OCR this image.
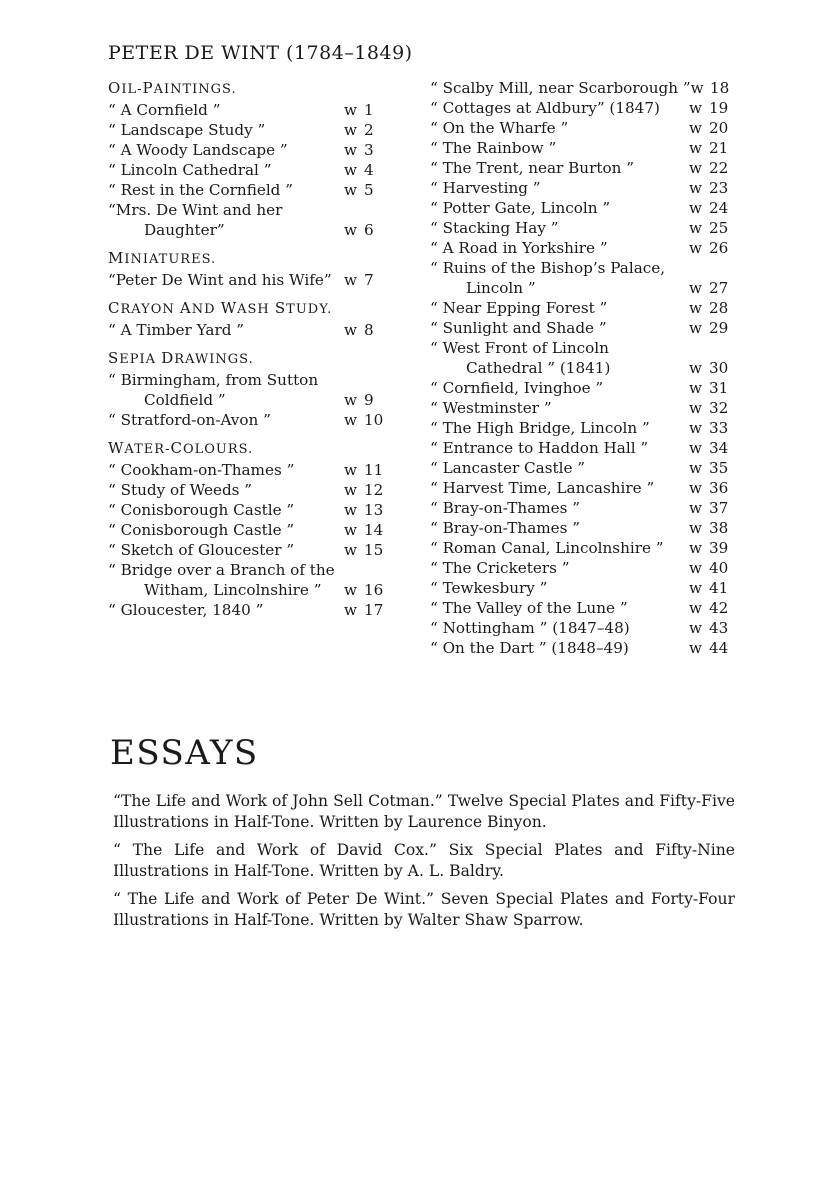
PETER DE WINT (1784–1849)
OIL-PAINTINGS.
“ A Cornfield ”	w 1
“ Landscape Study ”	w 2
“ A Woody Landscape ”	w 3
“ Lincoln Cathedral ”	w 4
“ Rest in the Cornfield ”	w 5
“Mrs. De Wint and her
Daughter”	w 6
MINIATURES.
“Peter De Wint and his Wife” w 7
CRAYON AND WASH STUDY.
“ A Timber Yard ”	w 8
SEPIA DRAWINGS.
“ Birmingham, from Sutton
Coldfield ”	w 9
“ Stratford-on-Avon ”	w 10
WATER-COLOURS.
“ Cookham-on-Thames ”	w 11
“ Study of Weeds ”	w 12
“ Conisborough Castle ”	w 13
“ Conisborough Castle ”	w 14
“ Sketch of Gloucester ”	w 15
“ Bridge over a Branch of the
Witham, Lincolnshire ”	w 16
“ Gloucester, 1840 ”	w 17
“ Scalby Mill, near Scarborough ” w 18
“ Cottages at Aldbury” (1847)	w 19
“ On the Wharfe ”	w 20
“ The Rainbow ”	w 21
“ The Trent, near Burton ”	w 22
“ Harvesting ”	w 23
“ Potter Gate, Lincoln ”	w 24
“ Stacking Hay ”	w 25
“ A Road in Yorkshire ”	w 26
“ Ruins of the Bishop’s Palace,
Lincoln ”	w 27
“ Near Epping Forest ”	w 28
“ Sunlight and Shade ”	w 29
“ West Front of Lincoln
Cathedral ” (1841)	w 30
“ Cornfield, Ivinghoe ”	w 31
“ Westminster ”	w 32
“ The High Bridge, Lincoln ”	w 33
“ Entrance to Haddon Hall ”	w 34
“ Lancaster Castle ”	w 35
“ Harvest Time, Lancashire ”	w 36
“ Bray-on-Thames ”	w 37
“ Bray-on-Thames ”	w 38
“ Roman Canal, Lincolnshire ”	w 39
“ The Cricketers ”	w 40
“ Tewkesbury ”	w 41
“ The Valley of the Lune ”	w 42
“ Nottingham ” (1847–48)	w 43
“ On the Dart ” (1848–49)	w 44
ESSAYS

“The Life and Work of John Sell Cotman.” Twelve Special Plates and Fifty-Five Illustrations in Half-Tone. Written by Laurence Binyon.

“ The Life and Work of David Cox.” Six Special Plates and Fifty-Nine Illustrations in Half-Tone. Written by A. L. Baldry.

“ The Life and Work of Peter De Wint.” Seven Special Plates and Forty-Four Illustrations in Half-Tone. Written by Walter Shaw Sparrow.
